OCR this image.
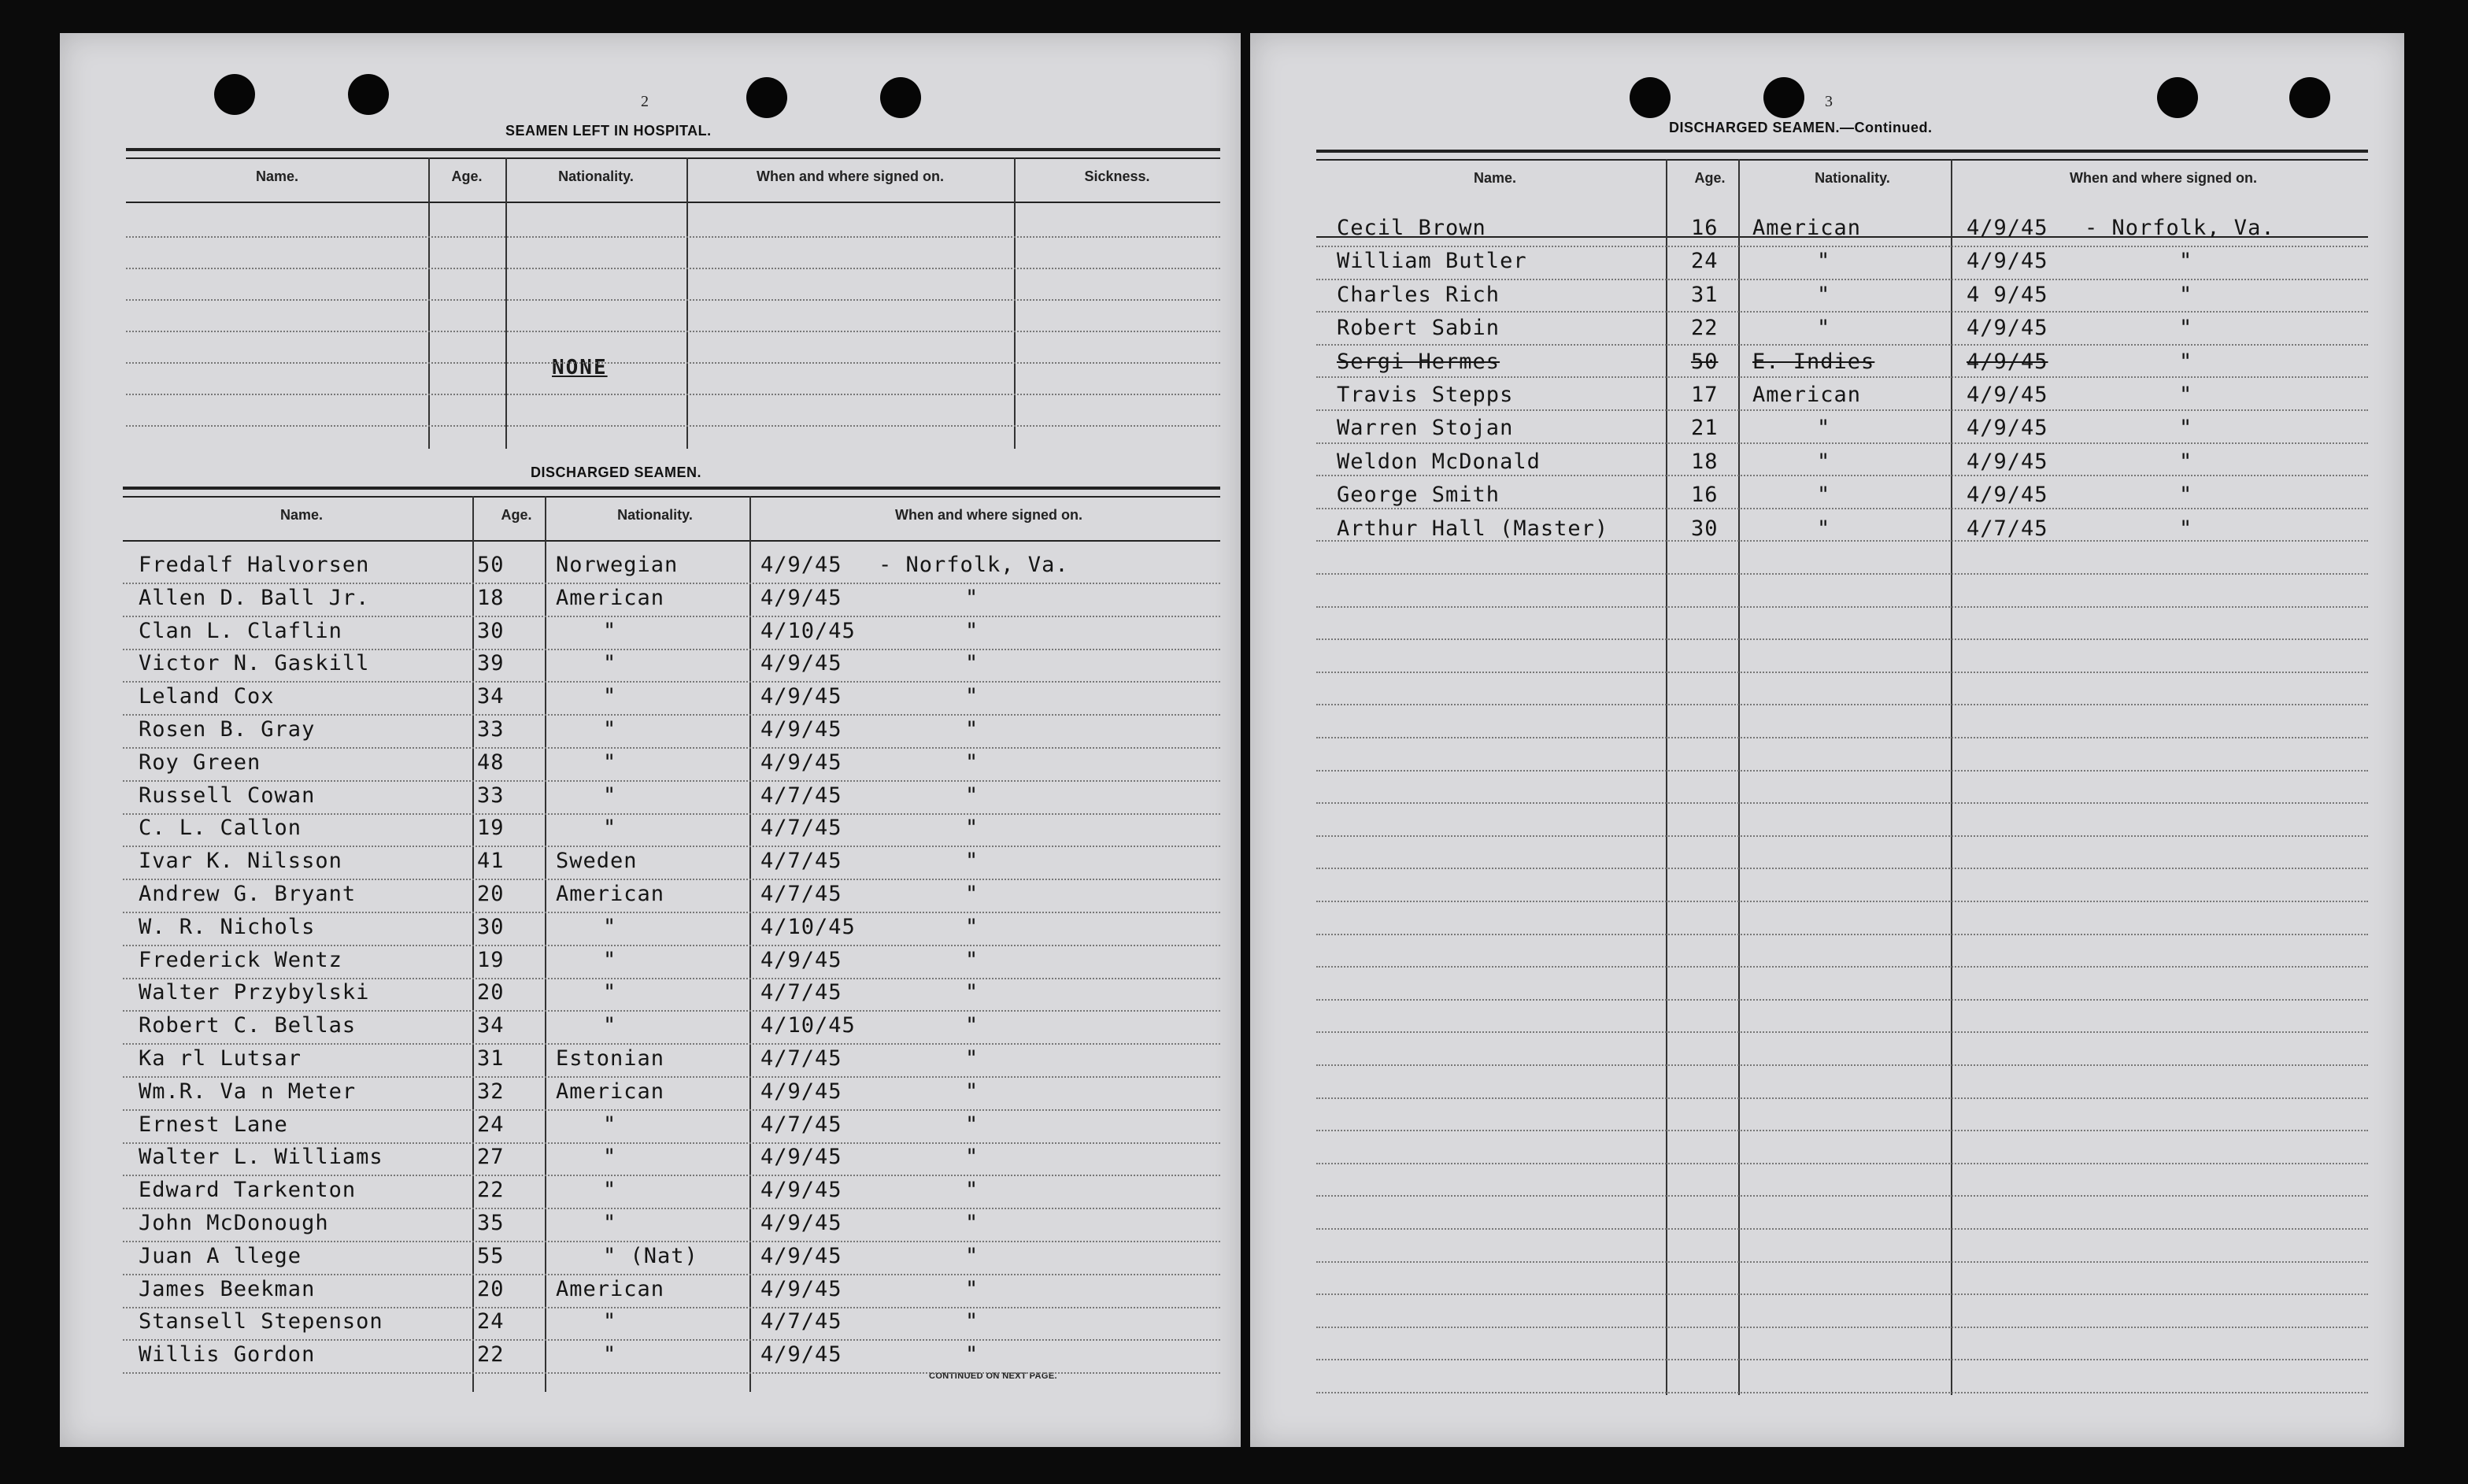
2
SEAMEN LEFT IN HOSPITAL.
NONE
DISCHARGED SEAMEN.
CONTINUED ON NEXT PAGE.
Name.	Age.	Nationality.	When and where signed on.	Sickness.
Name.	Age.	Nationality.	When and where signed on.
Fredalf Halvorsen	50 Norwegian	4/9/45 - Norfolk, Va.
Allen D. Ball Jr.	18 American	4/9/45	"
Clan L. Claflin	30	"	4/10/45	"
Victor N. Gaskill	39	"	4/9/45	"
Leland Cox	34	"	4/9/45	"
Rosen B. Gray	33	"	4/9/45	"
Roy Green	48	"	4/9/45	"
Russell Cowan	33	"	4/7/45	"
C. L. Callon	19	"	4/7/45	"
Ivar K. Nilsson	41 Sweden	4/7/45	"
Andrew G. Bryant	20 American	4/7/45	"
W. R. Nichols	30	"	4/10/45	"
Frederick Wentz	19	"	4/9/45	"
Walter Przybylski	20	"	4/7/45	"
Robert C. Bellas	34	"	4/10/45	"
Ka rl Lutsar	31 Estonian	4/7/45	"
Wm.R. Va n Meter	32 American	4/9/45	"
Ernest Lane	24	"	4/7/45	"
Walter L. Williams	27	"	4/9/45	"
Edward Tarkenton	22	"	4/9/45	"
John McDonough	35	"	4/9/45	"
Juan A llege	55	" (Nat)	4/9/45	"
James Beekman	20 American	4/9/45	"
Stansell Stepenson	24	"	4/7/45	"
Willis Gordon	22	"	4/9/45	"
3
DISCHARGED SEAMEN.—Continued.
Name.	Age.	Nationality.	When and where signed on.
Cecil Brown	16 American	4/9/45 - Norfolk, Va.
William Butler	24	"	4/9/45	"
Charles Rich	31	"	4 9/45	"
Robert Sabin	22	"	4/9/45	"
Sergi Hermes	50 E. Indies	4/9/45	"
Travis Stepps	17 American	4/9/45	"
Warren Stojan	21	"	4/9/45	"
Weldon McDonald	18	"	4/9/45	"
George Smith	16	"	4/9/45	"
Arthur Hall (Master)	30	"	4/7/45	"
